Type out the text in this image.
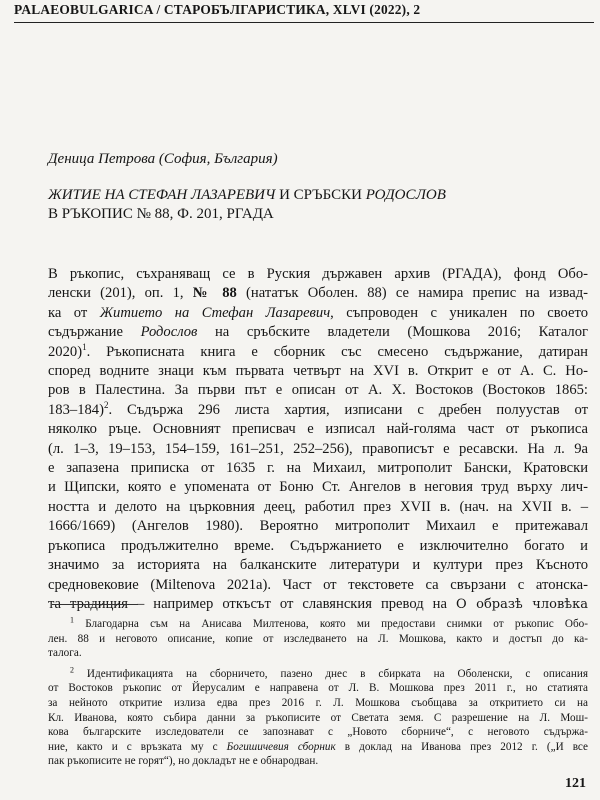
PALAEOBULGARICA / СТАРОБЪЛГАРИСТИКА, XLVI (2022), 2
Деница Петрова (София, България)
ЖИТИЕ НА СТЕФАН ЛАЗАРЕВИЧ И СРЪБСКИ РОДОСЛОВ
В РЪКОПИС № 88, Ф. 201, РГАДА
В ръкопис, съхраняващ се в Руския държавен архив (РГАДА), фонд Обо-
ленски (201), оп. 1, № 88 (нататък Оболен. 88) се намира препис на извад-
ка от Житието на Стефан Лазаревич, съпроводен с уникален по своето
съдържание Родослов на сръбските владетели (Мошкова 2016; Каталог
2020)$^1$. Ръкописната книга е сборник със смесено съдържание, датиран
според водните знаци към първата четвърт на XVI в. Открит е от А. С. Но-
ров в Палестина. За първи път е описан от А. Х. Востоков (Востоков 1865:
183–184)$^2$. Съдържа 296 листа хартия, изписани с дребен полуустав от
няколко ръце. Основният преписвач е изписал най-голяма част от ръкописа
(л. 1–3, 19–153, 154–159, 161–251, 252–256), правописът е ресавски. На л. 9а
е запазена приписка от 1635 г. на Михаил, митрополит Бански, Кратовски
и Щипски, която е упомената от Боню Ст. Ангелов в неговия труд върху лич-
ността и делото на църковния деец, работил през XVII в. (нач. на XVII в. –
1666/1669) (Ангелов 1980). Вероятно митрополит Михаил е притежавал
ръкописа продължително време. Съдържанието е изключително богато и
значимо за историята на балканските литератури и култури през Късното
средновековие (Miltenova 2021a). Част от текстовете са свързани с атонска-
та традиция – например откъсът от славянския превод на О образѣ чловѣка
$^1$ Благодарна съм на Анисава Милтенова, която ми предостави снимки от ръкопис Обо-
лен. 88 и неговото описание, копие от изследването на Л. Мошкова, както и достъп до ка-
талога.
$^2$ Идентификацията на сборничето, пазено днес в сбирката на Оболенски, с описания
от Востоков ръкопис от Йерусалим е направена от Л. В. Мошкова през 2011 г., но статията
за нейното откритие излиза едва през 2016 г. Л. Мошкова съобщава за откритието си на
Кл. Иванова, която събира данни за ръкописите от Светата земя. С разрешение на Л. Мош-
кова българските изследователи се запознават с „Новото сборниче“, с неговото съдържа-
ние, както и с връзката му с Богишичевия сборник в доклад на Иванова през 2012 г. („И все
пак ръкописите не горят“), но докладът не е обнародван.
121
